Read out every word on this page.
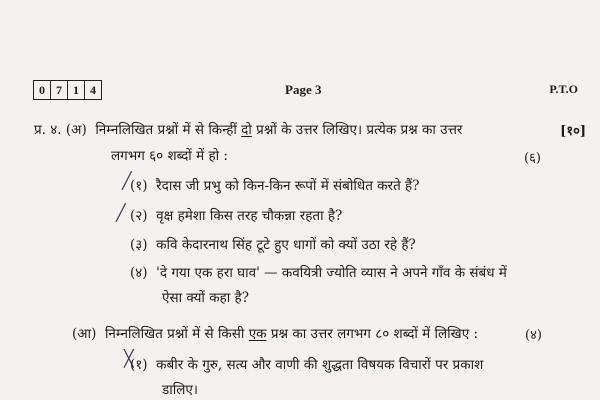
0 7 1 4	Page 3	P.T.O
प्र. ४. (अ) निम्नलिखित प्रश्नों में से किन्हीं दो प्रश्नों के उत्तर लिखिए। प्रत्येक प्रश्न का उत्तर	[१०]
लगभग ६० शब्दों में हो :	(६)
╱
(१) रैदास जी प्रभु को किन-किन रूपों में संबोधित करते हैं?
╱ (२) वृक्ष हमेशा किस तरह चौकन्ना रहता है?
(३) कवि केदारनाथ सिंह टूटे हुए धागों को क्यों उठा रहे हैं?
(४) 'दे गया एक हरा घाव' — कवयित्री ज्योति व्यास ने अपने गाँव के संबंध में
ऐसा क्यों कहा है?
(आ) निम्नलिखित प्रश्नों में से किसी एक प्रश्न का उत्तर लगभग ८० शब्दों में लिखिए :	(४)
╳
(१) कबीर के गुरु, सत्य और वाणी की शुद्धता विषयक विचारों पर प्रकाश
डालिए।
